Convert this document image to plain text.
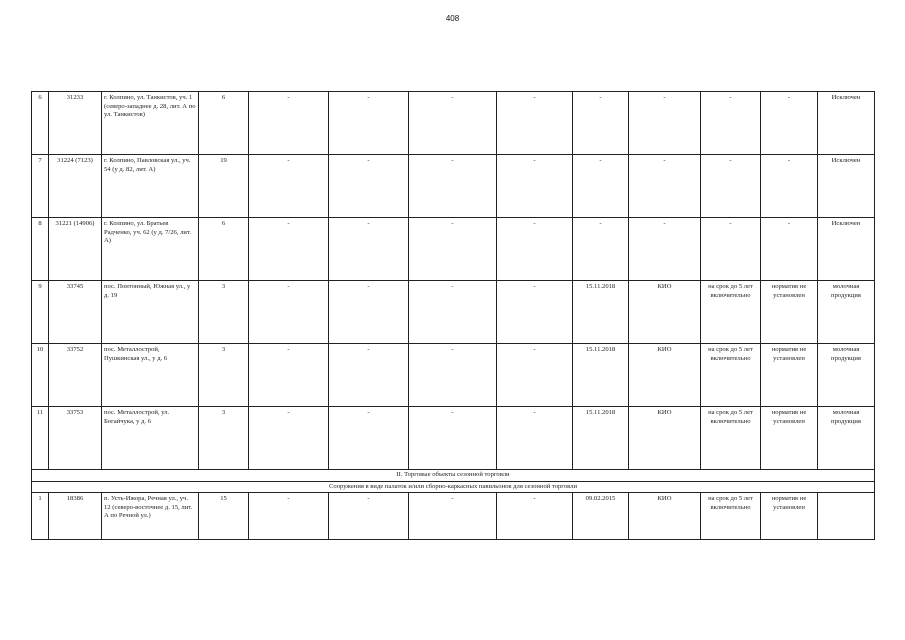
408
6	31233	г. Колпино, ул. Танкистов, уч. 1 (северо-западнее д. 28, лит. А по ул. Танкистов)	6	-	-	-	-	-	-	-	-	Исключен
7	31224 (7123)	г. Колпино, Павловская ул., уч. 54 (у д. 82, лит. А)	19	-	-	-	-	-	-	-	-	Исключен
8	31221 (14906)	г. Колпино, ул. Братьев Радченко, уч. 62 (у д. 7/26, лит. А)	6	-	-	-	-	-	-	-	-	Исключен
9	33745	пос. Понтонный, Южная ул., у д. 19	3	-	-	-	-	15.11.2018	КИО	на срок до 5 лет включительно	норматив не установлен	молочная продукция
10	33752	пос. Металлострой, Пушкинская ул., у д. 6	3	-	-	-	-	15.11.2018	КИО	на срок до 5 лет включительно	норматив не установлен	молочная продукция
11	33753	пос. Металлострой, ул. Богайчука, у д. 6	3	-	-	-	-	15.11.2018	КИО	на срок до 5 лет включительно	норматив не установлен	молочная продукция
II. Торговые объекты сезонной торговли												
Сооружения в виде палаток и/или сборно-каркасных павильонов для сезонной торговли												
1	18386	п. Усть-Ижора, Речная ул., уч. 12 (северо-восточнее д. 15, лит. А по Речной ул.)	15	-	-	-	-	09.02.2015	КИО	на срок до 5 лет включительно	норматив не установлен	
